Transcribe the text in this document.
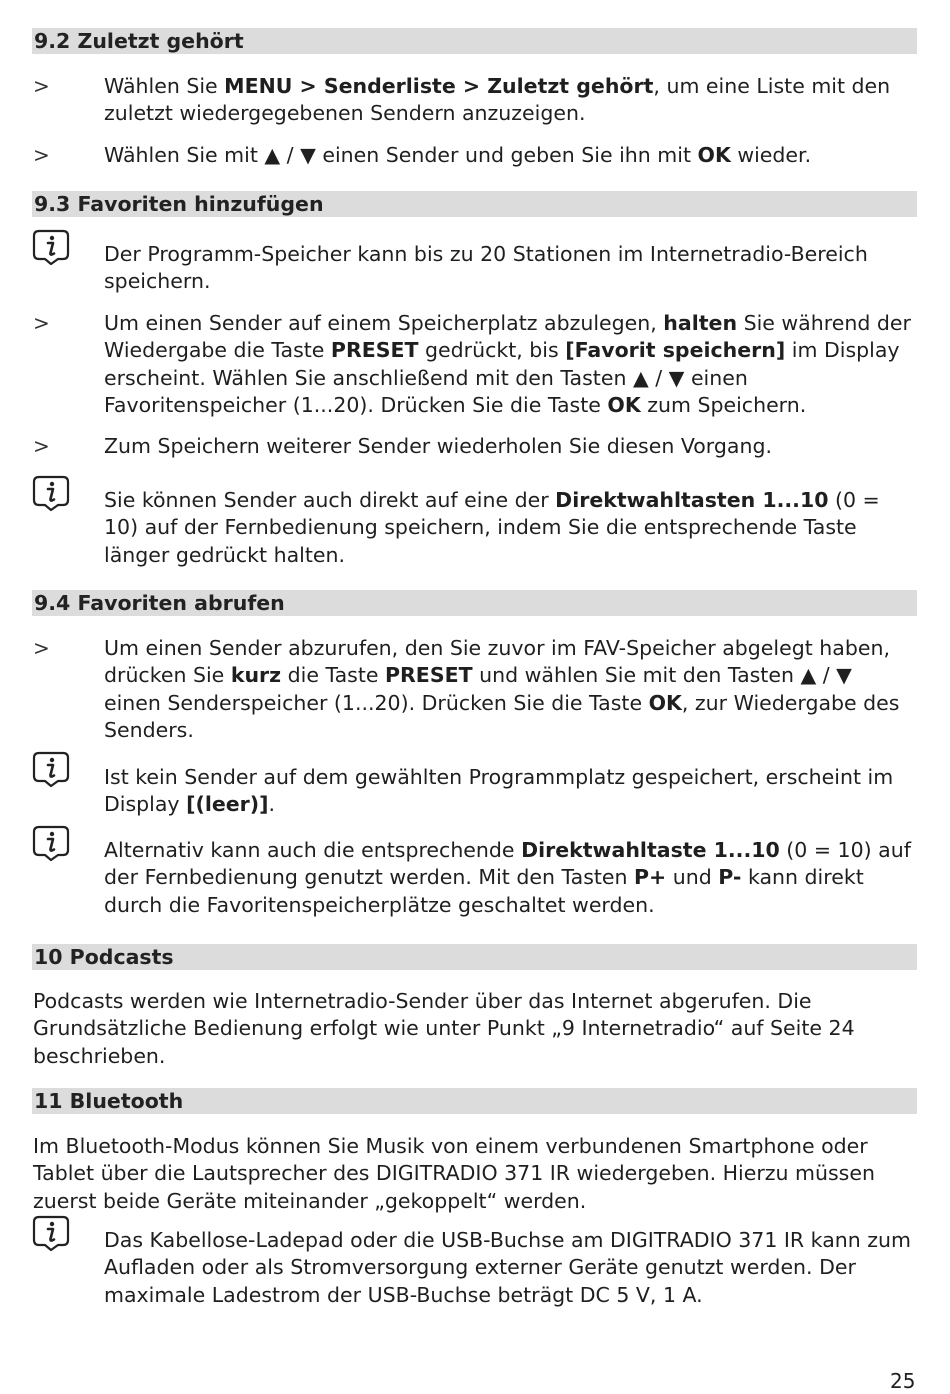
9.2 Zuletzt gehört
>	Wählen Sie MENU > Senderliste > Zuletzt gehört, um eine Liste mit den zuletzt wiedergegebenen Sendern anzuzeigen.
>	Wählen Sie mit ▲ / ▼ einen Sender und geben Sie ihn mit OK wieder.
9.3 Favoriten hinzufügen
Der Programm-Speicher kann bis zu 20 Stationen im Internetradio-Bereich speichern.
>	Um einen Sender auf einem Speicherplatz abzulegen, halten Sie während der Wiedergabe die Taste PRESET gedrückt, bis [Favorit speichern] im Display erscheint. Wählen Sie anschließend mit den Tasten ▲ / ▼ einen Favoritenspeicher (1...20). Drücken Sie die Taste OK zum Speichern.
>	Zum Speichern weiterer Sender wiederholen Sie diesen Vorgang.
Sie können Sender auch direkt auf eine der Direktwahltasten 1...10 (0 = 10) auf der Fernbedienung speichern, indem Sie die entsprechende Taste länger gedrückt halten.
9.4 Favoriten abrufen
>	Um einen Sender abzurufen, den Sie zuvor im FAV-Speicher abgelegt haben, drücken Sie kurz die Taste PRESET und wählen Sie mit den Tasten ▲ / ▼ einen Senderspeicher (1...20). Drücken Sie die Taste OK, zur Wiedergabe des Senders.
Ist kein Sender auf dem gewählten Programmplatz gespeichert, erscheint im Display [(leer)].
Alternativ kann auch die entsprechende Direktwahltaste 1...10 (0 = 10) auf der Fernbedienung genutzt werden. Mit den Tasten P+ und P- kann direkt durch die Favoritenspeicherplätze geschaltet werden.
10 Podcasts
Podcasts werden wie Internetradio-Sender über das Internet abgerufen. Die Grundsätzliche Bedienung erfolgt wie unter Punkt „9 Internetradio“ auf Seite 24 beschrieben.
11 Bluetooth
Im Bluetooth-Modus können Sie Musik von einem verbundenen Smartphone oder Tablet über die Lautsprecher des DIGITRADIO 371 IR wiedergeben. Hierzu müssen zuerst beide Geräte miteinander „gekoppelt“ werden.
Das Kabellose-Ladepad oder die USB-Buchse am DIGITRADIO 371 IR kann zum Aufladen oder als Stromversorgung externer Geräte genutzt werden. Der maximale Ladestrom der USB-Buchse beträgt DC 5 V, 1 A.
25
